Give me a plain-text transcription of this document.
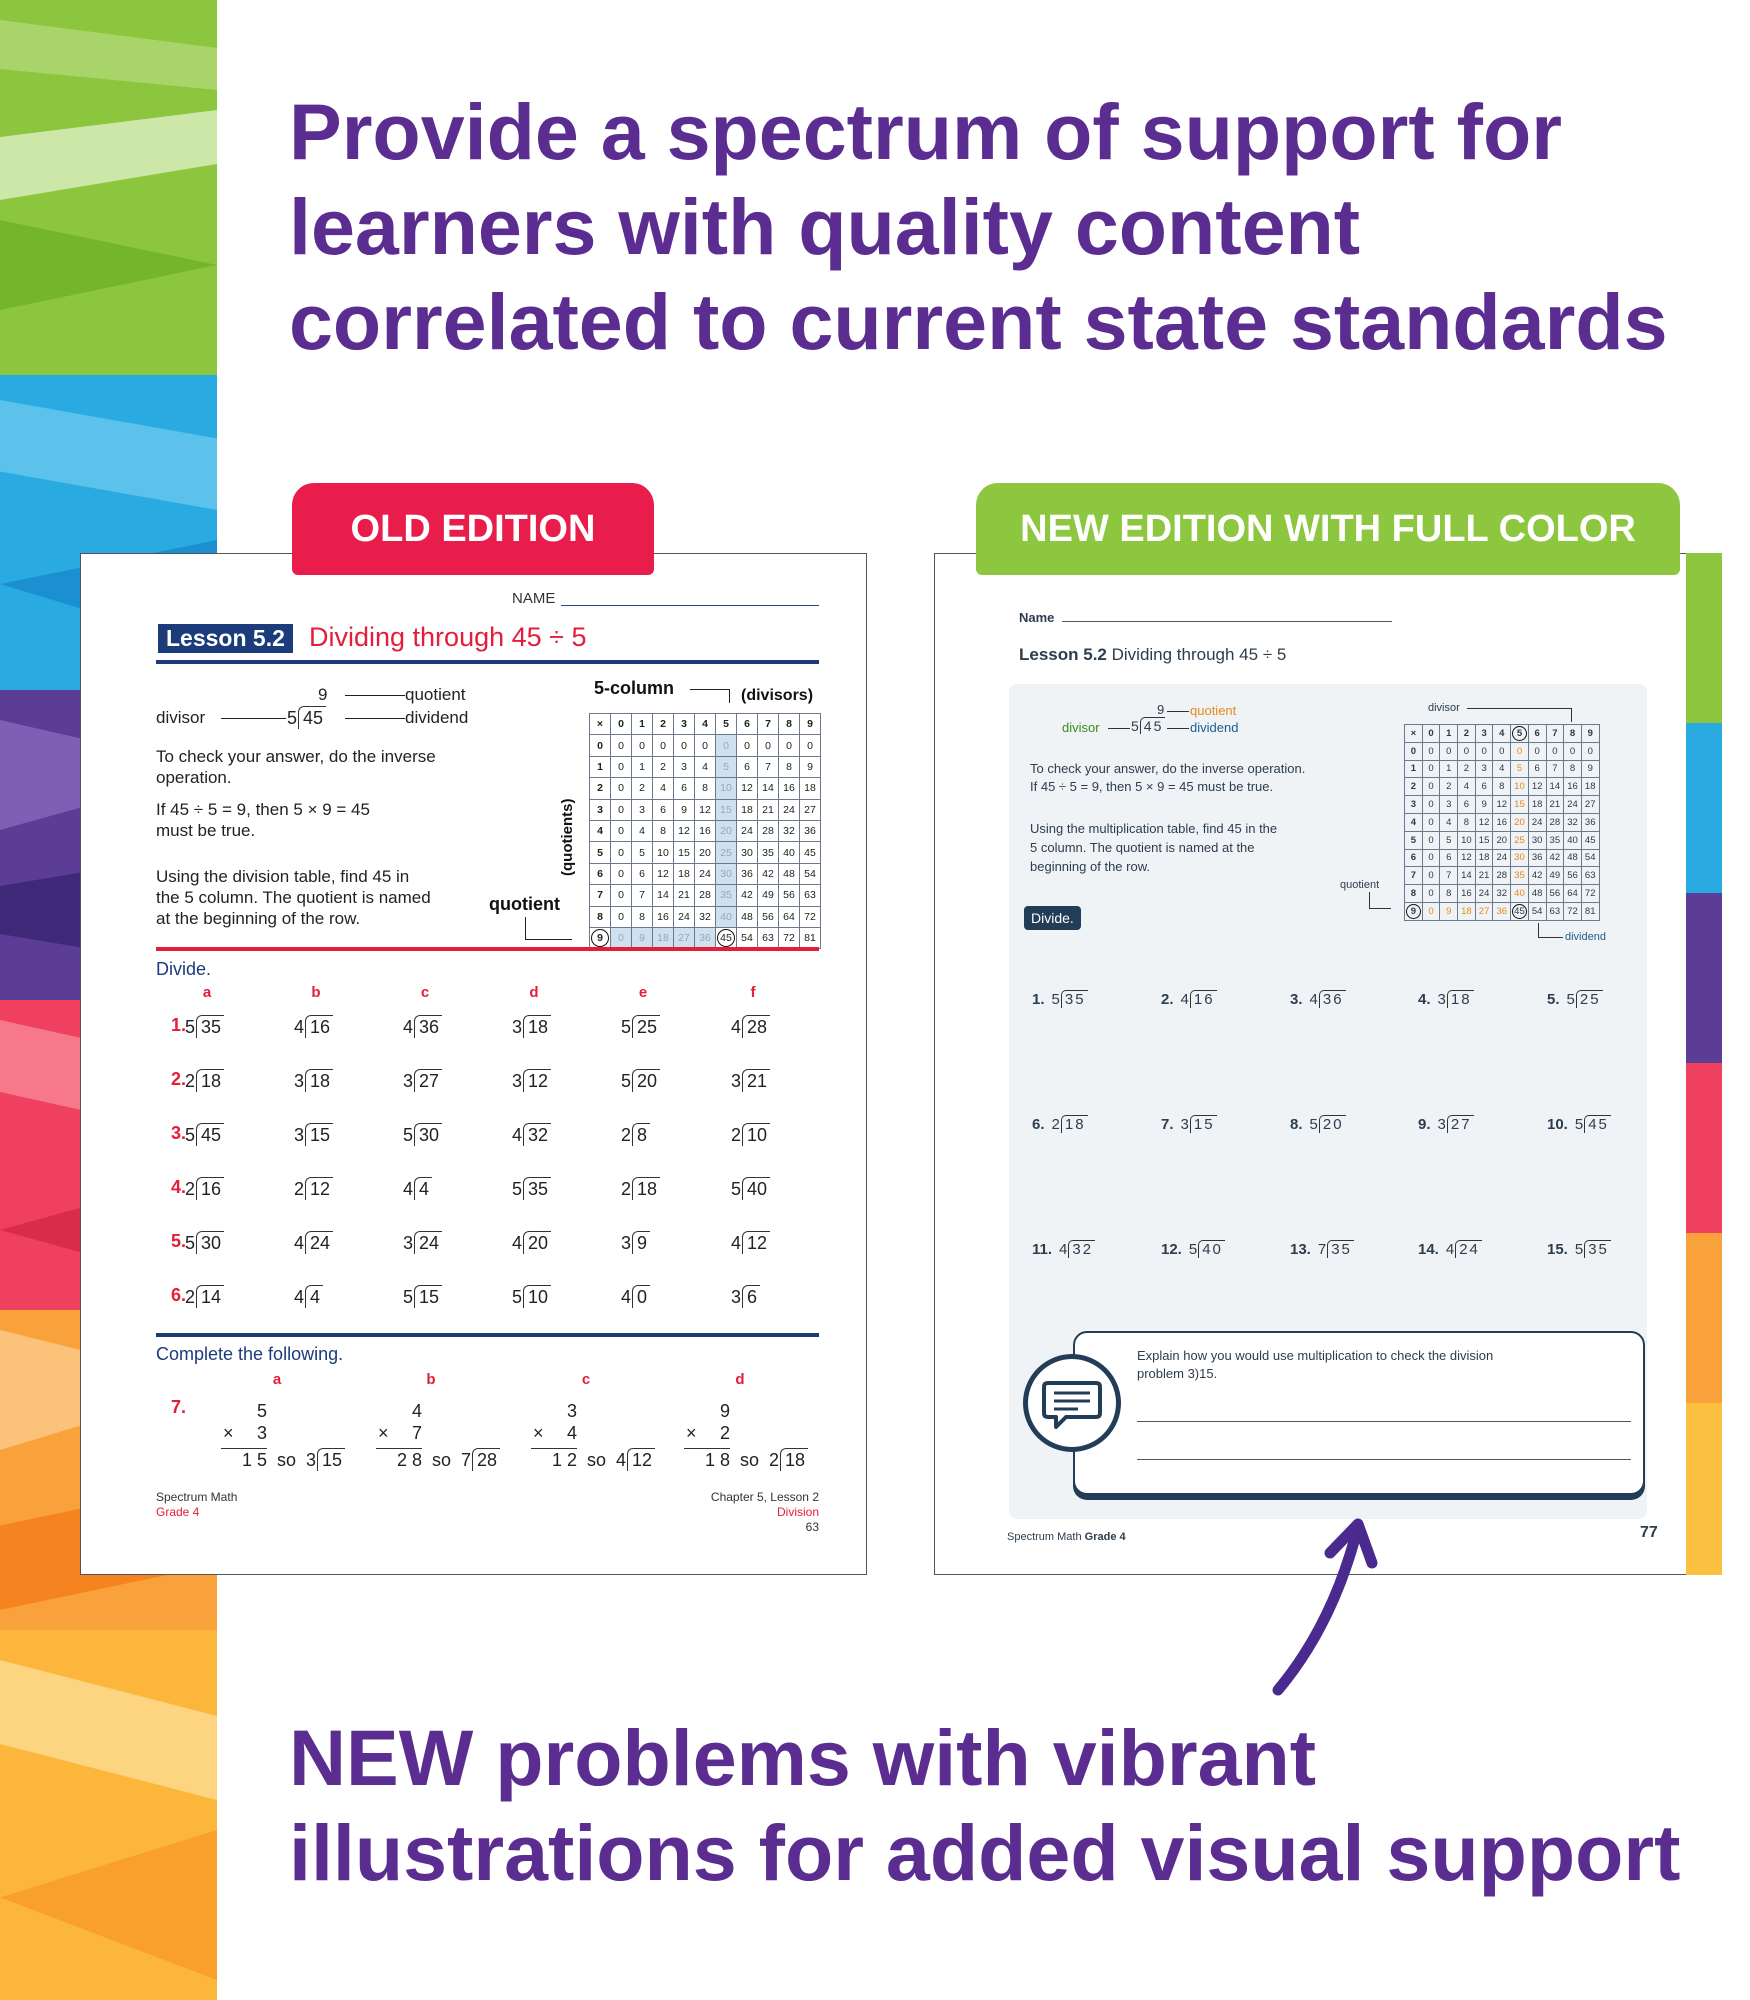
Provide a spectrum of support for
learners with quality content
correlated to current state standards
NAME
Lesson 5.2 Dividing through 45 ÷ 5
9	quotient
divisor	5 45	dividend
To check your answer, do the inverse operation.
If 45 ÷ 5 = 9, then 5 × 9 = 45
must be true.
Using the division table, find 45 in
the 5 column. The quotient is named
at the beginning of the row.
5-column	(divisors)
(quotients)
quotient
×	0	1	2	3	4	5	6	7	8	9
0	0	0	0	0	0	0	0	0	0	0
1	0	1	2	3	4	5	6	7	8	9
2	0	2	4	6	8	10	12	14	16	18
3	0	3	6	9	12	15	18	21	24	27
4	0	4	8	12	16	20	24	28	32	36
5	0	5	10	15	20	25	30	35	40	45
6	0	6	12	18	24	30	36	42	48	54
7	0	7	14	21	28	35	42	49	56	63
8	0	8	16	24	32	40	48	56	64	72
9	0	9	18	27	36	45	54	63	72	81
Divide.
a	b	c	d	e	f
1.
5 35	4 16	4 36	3 18	5 25	4 28
2.
2 18	3 18	3 27	3 12	5 20	3 21
3.
5 45	3 15	5 30	4 32	2 8	2 10
4.
2 16	2 12	4 4	5 35	2 18	5 40
5.
5 30	4 24	3 24	4 20	3 9	4 12
6.
2 14	4 4	5 15	5 10	4 0	3 6
Complete the following.
a	b	c	d
7.	5
× 3
1 5 so 3 15
4
× 7
2 8 so 7 28
3
× 4
1 2 so 4 12
9
× 2
1 8 so 2 18
Spectrum Math
Grade 4
Chapter 5, Lesson 2
Division
63
Name
Lesson 5.2 Dividing through 45 ÷ 5
9 quotient
divisor 5 45 dividend
To check your answer, do the inverse operation.
If 45 ÷ 5 = 9, then 5 × 9 = 45 must be true.
Using the multiplication table, find 45 in the
5 column. The quotient is named at the
beginning of the row.
divisor
quotient
dividend
×	0	1	2	3	4	5	6	7	8	9
0	0	0	0	0	0	0	0	0	0	0
1	0	1	2	3	4	5	6	7	8	9
2	0	2	4	6	8	10	12	14	16	18
3	0	3	6	9	12	15	18	21	24	27
4	0	4	8	12	16	20	24	28	32	36
5	0	5	10	15	20	25	30	35	40	45
6	0	6	12	18	24	30	36	42	48	54
7	0	7	14	21	28	35	42	49	56	63
8	0	8	16	24	32	40	48	56	64	72
9	0	9	18	27	36	45	54	63	72	81
Divide.
1. 5 35	2. 4 16	3. 4 36	4. 3 18	5. 5 25
6. 2 18	7. 3 15	8. 5 20	9. 3 27	10. 5 45
11. 4 32	12. 5 40	13. 7 35	14. 4 24	15. 5 35
Explain how you would use multiplication to check the division
problem 3)15.
Spectrum Math Grade 4	77
OLD EDITION	NEW EDITION WITH FULL COLOR
NEW problems with vibrant
illustrations for added visual support
